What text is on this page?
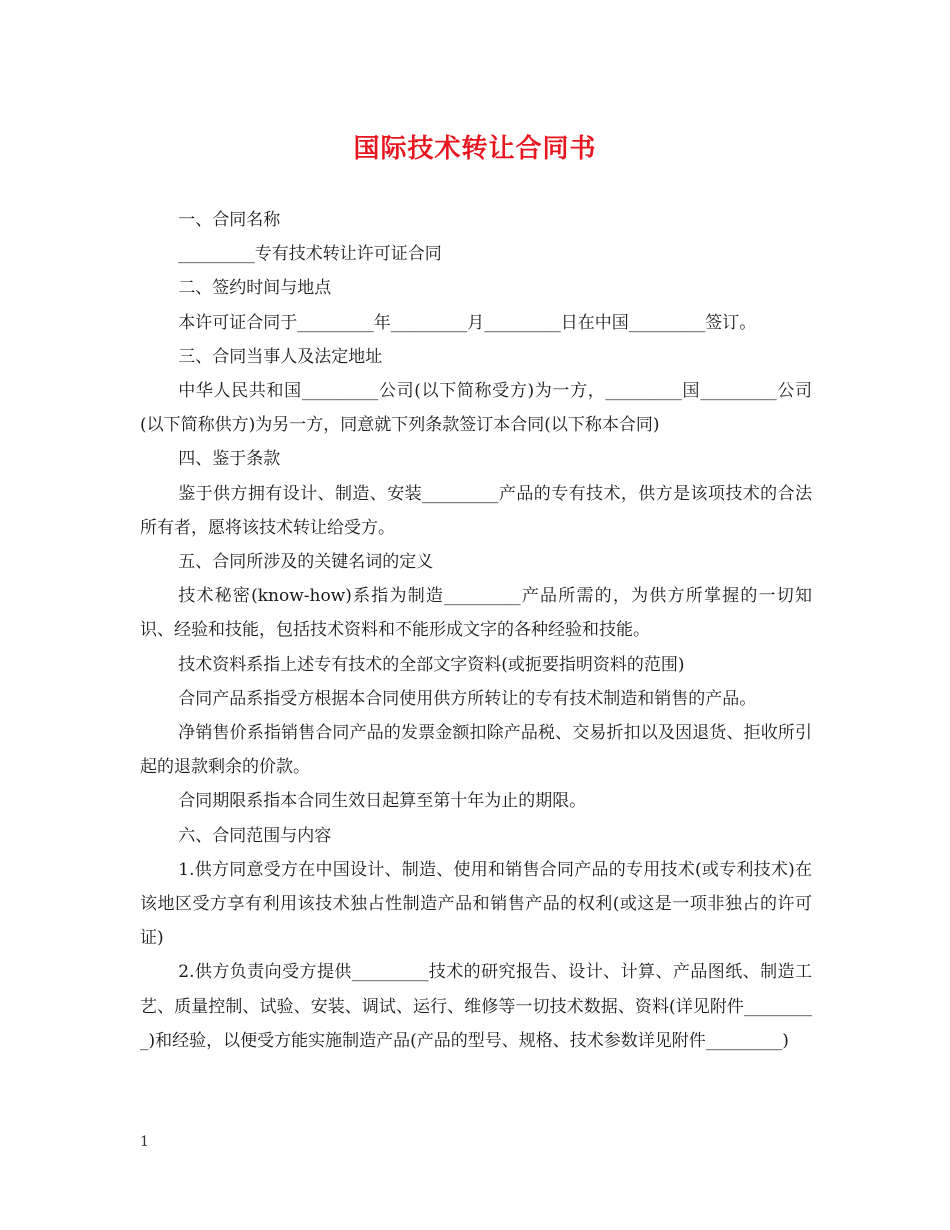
国际技术转让合同书

一、合同名称

_________专有技术转让许可证合同

二、签约时间与地点

本许可证合同于_________年_________月_________日在中国_________签订。

三、合同当事人及法定地址

中华人民共和国_________公司(以下简称受方)为一方，_________国_________公司(以下简称供方)为另一方，同意就下列条款签订本合同(以下称本合同)

四、鉴于条款

鉴于供方拥有设计、制造、安装_________产品的专有技术，供方是该项技术的合法所有者，愿将该技术转让给受方。

五、合同所涉及的关键名词的定义

技术秘密(know-how)系指为制造_________产品所需的，为供方所掌握的一切知识、经验和技能，包括技术资料和不能形成文字的各种经验和技能。

技术资料系指上述专有技术的全部文字资料(或扼要指明资料的范围)

合同产品系指受方根据本合同使用供方所转让的专有技术制造和销售的产品。

净销售价系指销售合同产品的发票金额扣除产品税、交易折扣以及因退货、拒收所引起的退款剩余的价款。

合同期限系指本合同生效日起算至第十年为止的期限。

六、合同范围与内容

1.供方同意受方在中国设计、制造、使用和销售合同产品的专用技术(或专利技术)在该地区受方享有利用该技术独占性制造产品和销售产品的权利(或这是一项非独占的许可证)

2.供方负责向受方提供_________技术的研究报告、设计、计算、产品图纸、制造工艺、质量控制、试验、安装、调试、运行、维修等一切技术数据、资料(详见附件_________)和经验，以便受方能实施制造产品(产品的型号、规格、技术参数详见附件_________)

1
